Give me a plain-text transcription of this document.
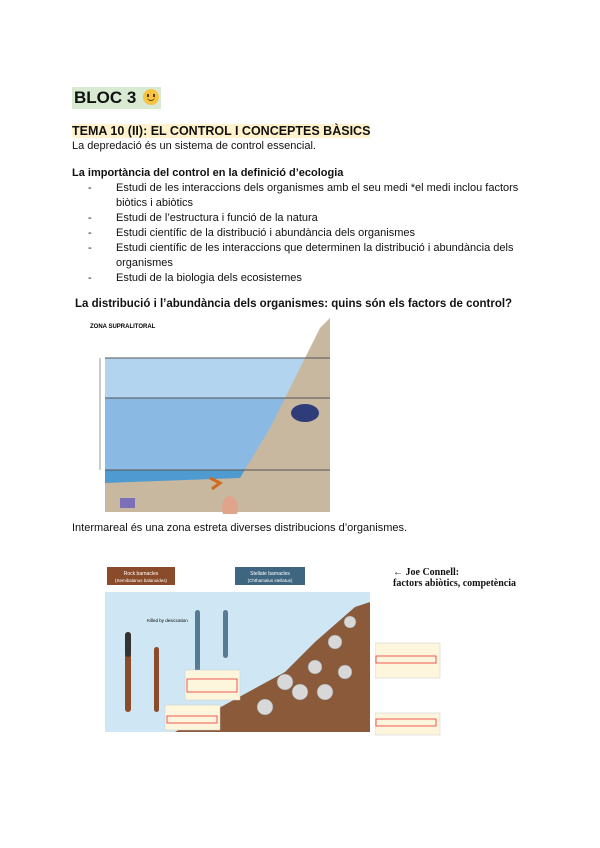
BLOC 3
TEMA 10 (II): EL CONTROL I CONCEPTES BÀSICS
La depredació és un sistema de control essencial.
La importància del control en la definició d’ecologia
- Estudi de les interaccions dels organismes amb el seu medi *el medi inclou factors biòtics i abiòtics
- Estudi de l’estructura i funció de la natura
- Estudi científic de la distribució i abundància dels organismes
- Estudi científic de les interaccions que determinen la distribució i abundància dels organismes
- Estudi de la biologia dels ecosistemes
La distribució i l’abundància dels organismes: quins són els factors de control?
ZONA SUPRALITORAL
Intermareal és una zona estreta diverses distribucions d’organismes.
Rock barnacles
(Semibalanus balanoides)
Stellate barnacles
(Chthamalus stellatus)
Killed by desiccation
← Joe Connell:
factors abiòtics, competència
